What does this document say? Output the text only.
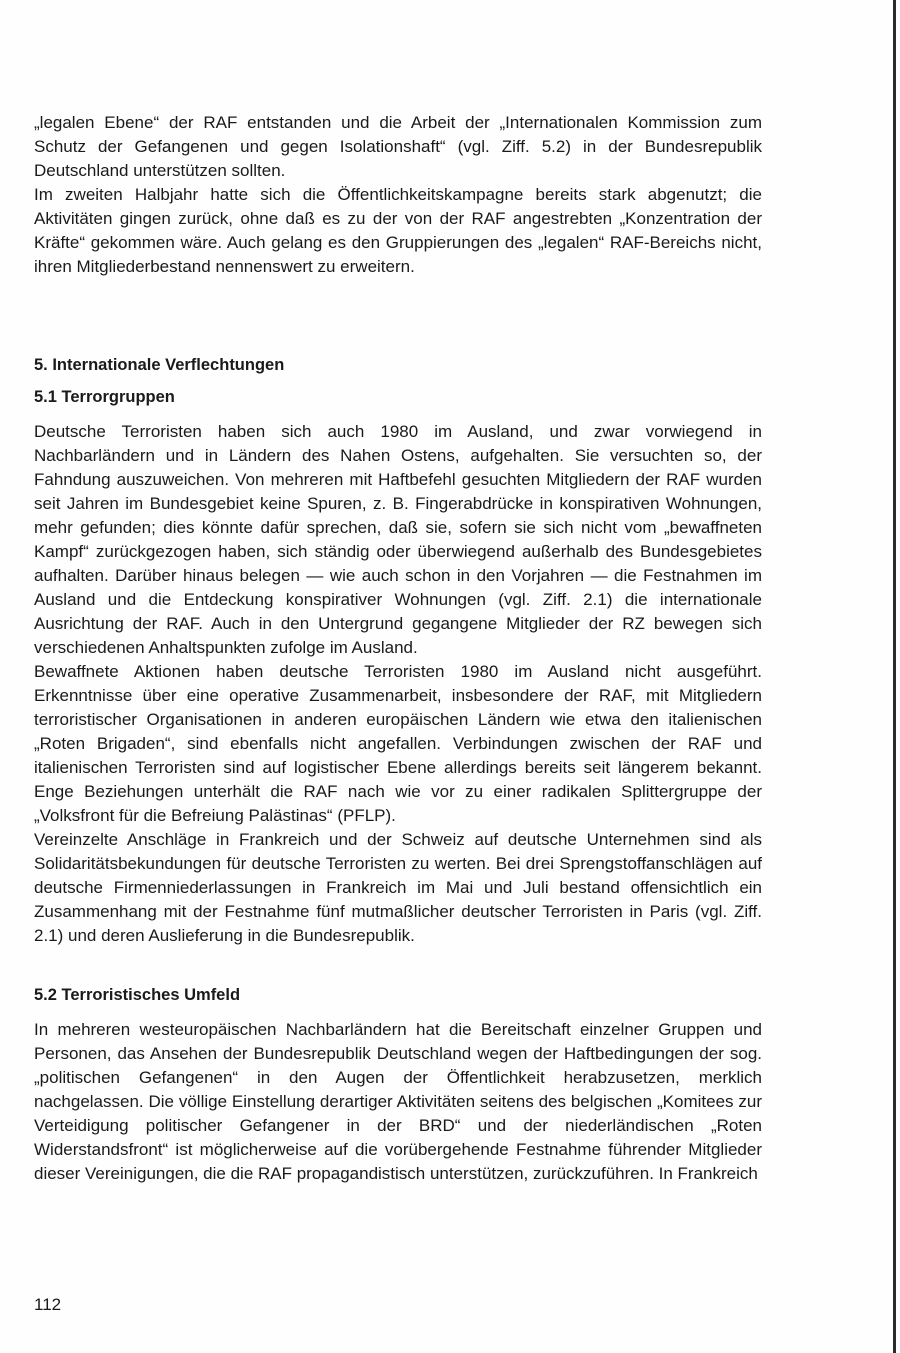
„legalen Ebene“ der RAF entstanden und die Arbeit der „Internationalen Kommission zum Schutz der Gefangenen und gegen Isolationshaft“ (vgl. Ziff. 5.2) in der Bundesrepublik Deutschland unterstützen sollten.

Im zweiten Halbjahr hatte sich die Öffentlichkeitskampagne bereits stark abgenutzt; die Aktivitäten gingen zurück, ohne daß es zu der von der RAF angestrebten „Konzentration der Kräfte“ gekommen wäre. Auch gelang es den Gruppierungen des „legalen“ RAF-Bereichs nicht, ihren Mitgliederbestand nennenswert zu erweitern.

5. Internationale Verflechtungen
5.1 Terrorgruppen

Deutsche Terroristen haben sich auch 1980 im Ausland, und zwar vorwiegend in Nachbarländern und in Ländern des Nahen Ostens, aufgehalten. Sie versuchten so, der Fahndung auszuweichen. Von mehreren mit Haftbefehl gesuchten Mitgliedern der RAF wurden seit Jahren im Bundesgebiet keine Spuren, z. B. Fingerabdrücke in konspirativen Wohnungen, mehr gefunden; dies könnte dafür sprechen, daß sie, sofern sie sich nicht vom „bewaffneten Kampf“ zurückgezogen haben, sich ständig oder überwiegend außerhalb des Bundesgebietes aufhalten. Darüber hinaus belegen — wie auch schon in den Vorjahren — die Festnahmen im Ausland und die Entdeckung konspirativer Wohnungen (vgl. Ziff. 2.1) die internationale Ausrichtung der RAF. Auch in den Untergrund gegangene Mitglieder der RZ bewegen sich verschiedenen Anhaltspunkten zufolge im Ausland.

Bewaffnete Aktionen haben deutsche Terroristen 1980 im Ausland nicht ausgeführt. Erkenntnisse über eine operative Zusammenarbeit, insbesondere der RAF, mit Mitgliedern terroristischer Organisationen in anderen europäischen Ländern wie etwa den italienischen „Roten Brigaden“, sind ebenfalls nicht angefallen. Verbindungen zwischen der RAF und italienischen Terroristen sind auf logistischer Ebene allerdings bereits seit längerem bekannt. Enge Beziehungen unterhält die RAF nach wie vor zu einer radikalen Splittergruppe der „Volksfront für die Befreiung Palästinas“ (PFLP).

Vereinzelte Anschläge in Frankreich und der Schweiz auf deutsche Unternehmen sind als Solidaritätsbekundungen für deutsche Terroristen zu werten. Bei drei Sprengstoffanschlägen auf deutsche Firmenniederlassungen in Frankreich im Mai und Juli bestand offensichtlich ein Zusammenhang mit der Festnahme fünf mutmaßlicher deutscher Terroristen in Paris (vgl. Ziff. 2.1) und deren Auslieferung in die Bundesrepublik.

5.2 Terroristisches Umfeld

In mehreren westeuropäischen Nachbarländern hat die Bereitschaft einzelner Gruppen und Personen, das Ansehen der Bundesrepublik Deutschland wegen der Haftbedingungen der sog. „politischen Gefangenen“ in den Augen der Öffentlichkeit herabzusetzen, merklich nachgelassen. Die völlige Einstellung derartiger Aktivitäten seitens des belgischen „Komitees zur Verteidigung politischer Gefangener in der BRD“ und der niederländischen „Roten Widerstandsfront“ ist möglicherweise auf die vorübergehende Festnahme führender Mitglieder dieser Vereinigungen, die die RAF propagandistisch unterstützen, zurückzuführen. In Frankreich

112
